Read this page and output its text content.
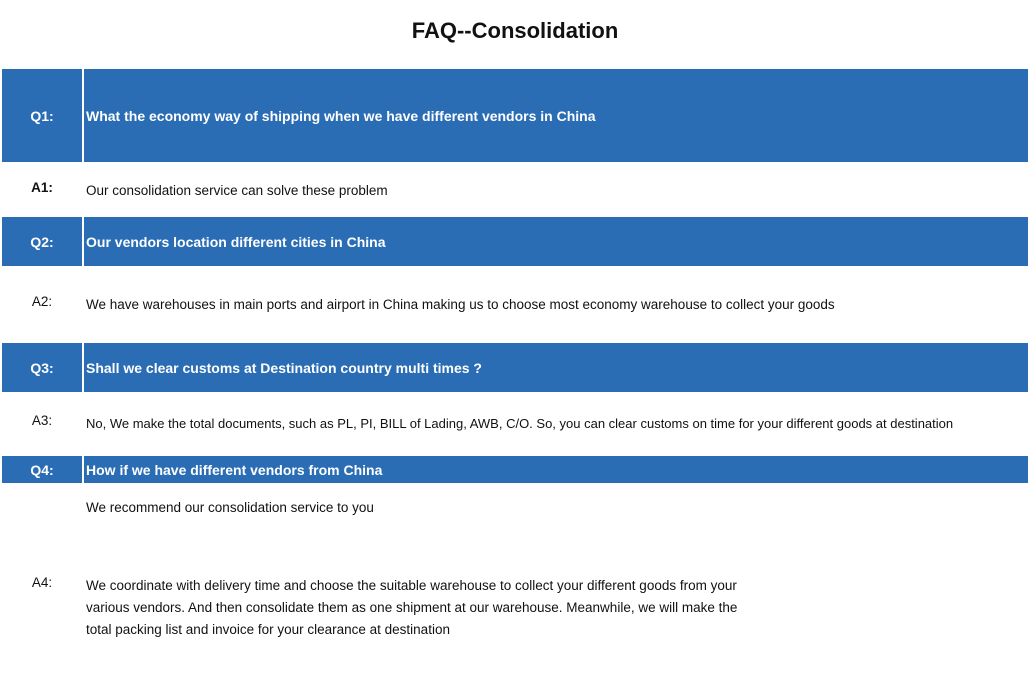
FAQ--Consolidation
Q1:	What the economy way of shipping when we have different vendors in China
A1:	Our consolidation service can solve these problem
Q2:	Our vendors location different cities in China
A2:	We have warehouses in main ports and airport in China making us to choose most economy warehouse to collect your goods
Q3:	Shall we clear customs at Destination country multi times ?
A3:	No, We make the total documents, such as PL, PI, BILL of Lading, AWB, C/O. So, you can clear customs on time for your different goods at destination
Q4:	How if we have different vendors from China
We recommend our consolidation service to you
A4:	We coordinate with delivery time and choose the suitable warehouse to collect your different goods from your
various vendors. And then consolidate them as one shipment at our warehouse. Meanwhile, we will make the
total packing list and invoice for your clearance at destination
